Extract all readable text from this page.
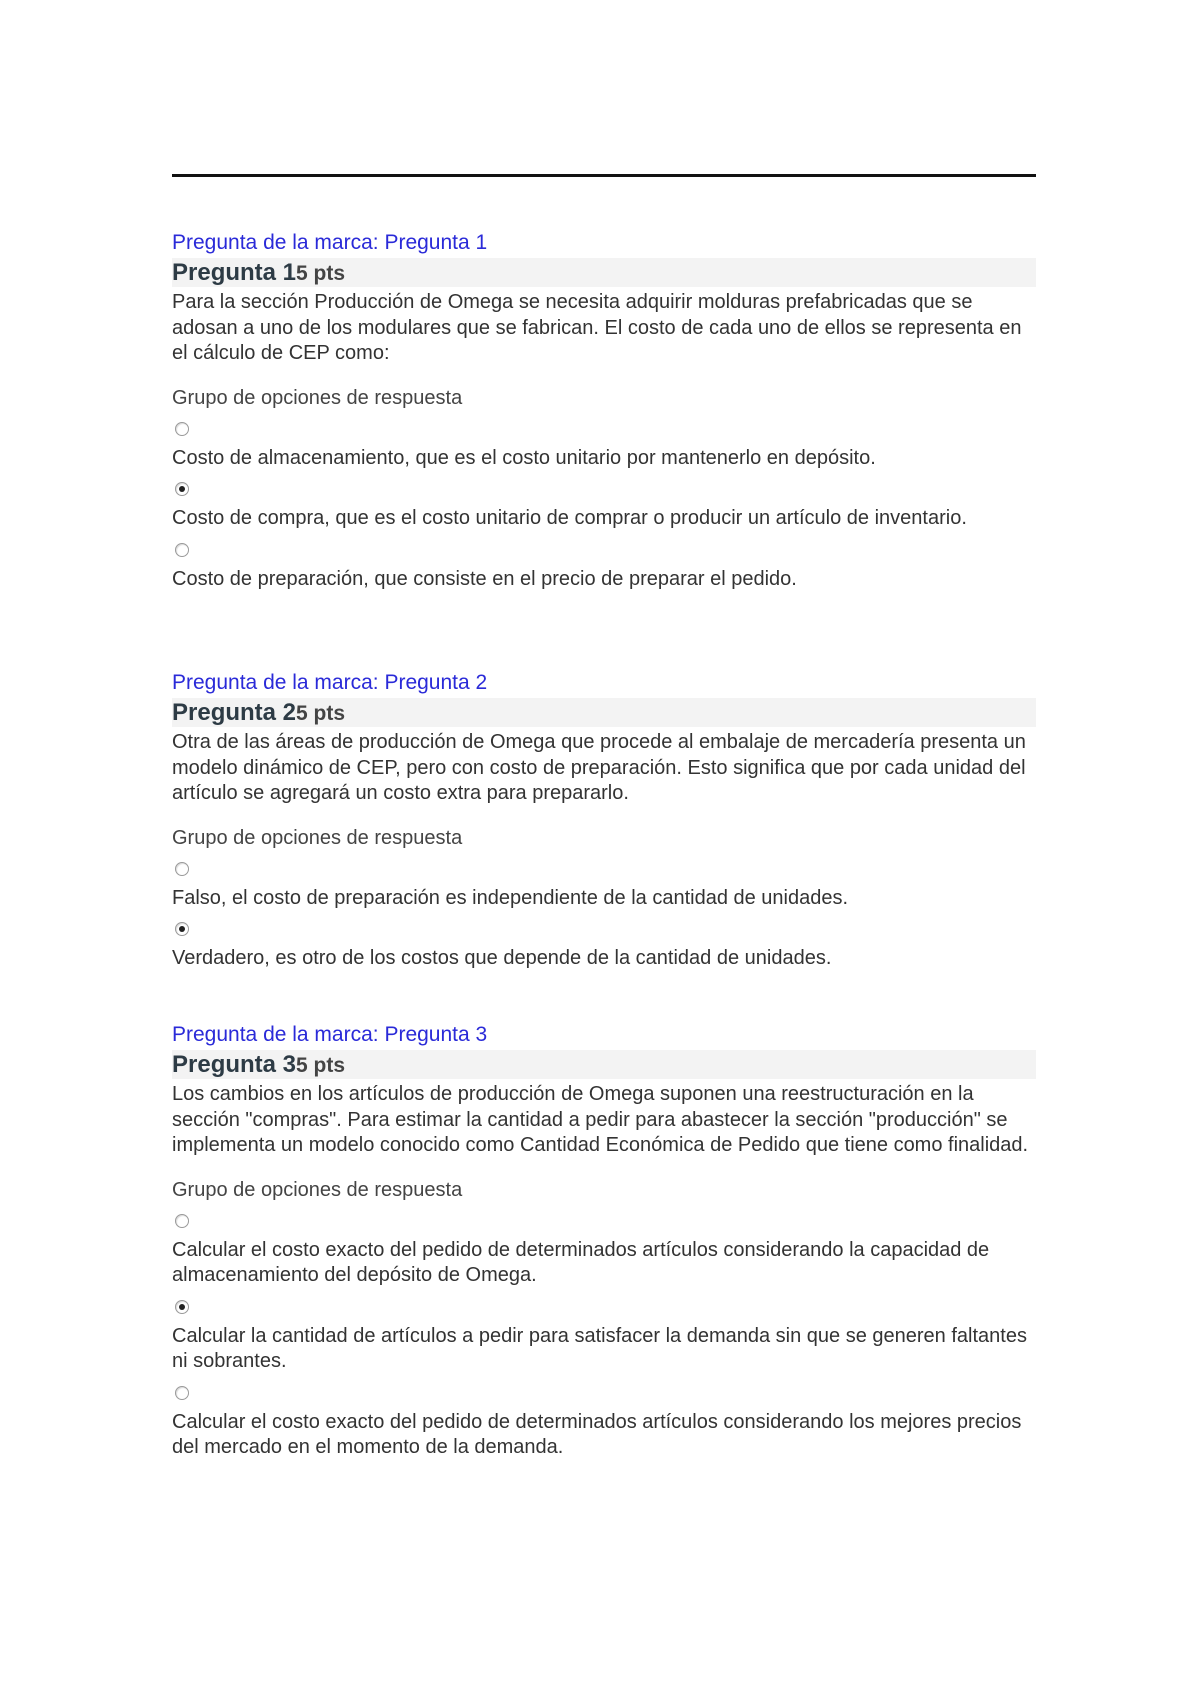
Pregunta de la marca: Pregunta 1
Pregunta 15 pts
Para la sección Producción de Omega se necesita adquirir molduras prefabricadas que se adosan a uno de los modulares que se fabrican. El costo de cada uno de ellos se representa en el cálculo de CEP como:
Grupo de opciones de respuesta
Costo de almacenamiento, que es el costo unitario por mantenerlo en depósito.
Costo de compra, que es el costo unitario de comprar o producir un artículo de inventario.
Costo de preparación, que consiste en el precio de preparar el pedido.
Pregunta de la marca: Pregunta 2
Pregunta 25 pts
Otra de las áreas de producción de Omega que procede al embalaje de mercadería presenta un modelo dinámico de CEP, pero con costo de preparación. Esto significa que por cada unidad del artículo se agregará un costo extra para prepararlo.
Grupo de opciones de respuesta
Falso, el costo de preparación es independiente de la cantidad de unidades.
Verdadero, es otro de los costos que depende de la cantidad de unidades.
Pregunta de la marca: Pregunta 3
Pregunta 35 pts
Los cambios en los artículos de producción de Omega suponen una reestructuración en la sección "compras". Para estimar la cantidad a pedir para abastecer la sección "producción" se implementa un modelo conocido como Cantidad Económica de Pedido que tiene como finalidad.
Grupo de opciones de respuesta
Calcular el costo exacto del pedido de determinados artículos considerando la capacidad de almacenamiento del depósito de Omega.
Calcular la cantidad de artículos a pedir para satisfacer la demanda sin que se generen faltantes ni sobrantes.
Calcular el costo exacto del pedido de determinados artículos considerando los mejores precios del mercado en el momento de la demanda.
